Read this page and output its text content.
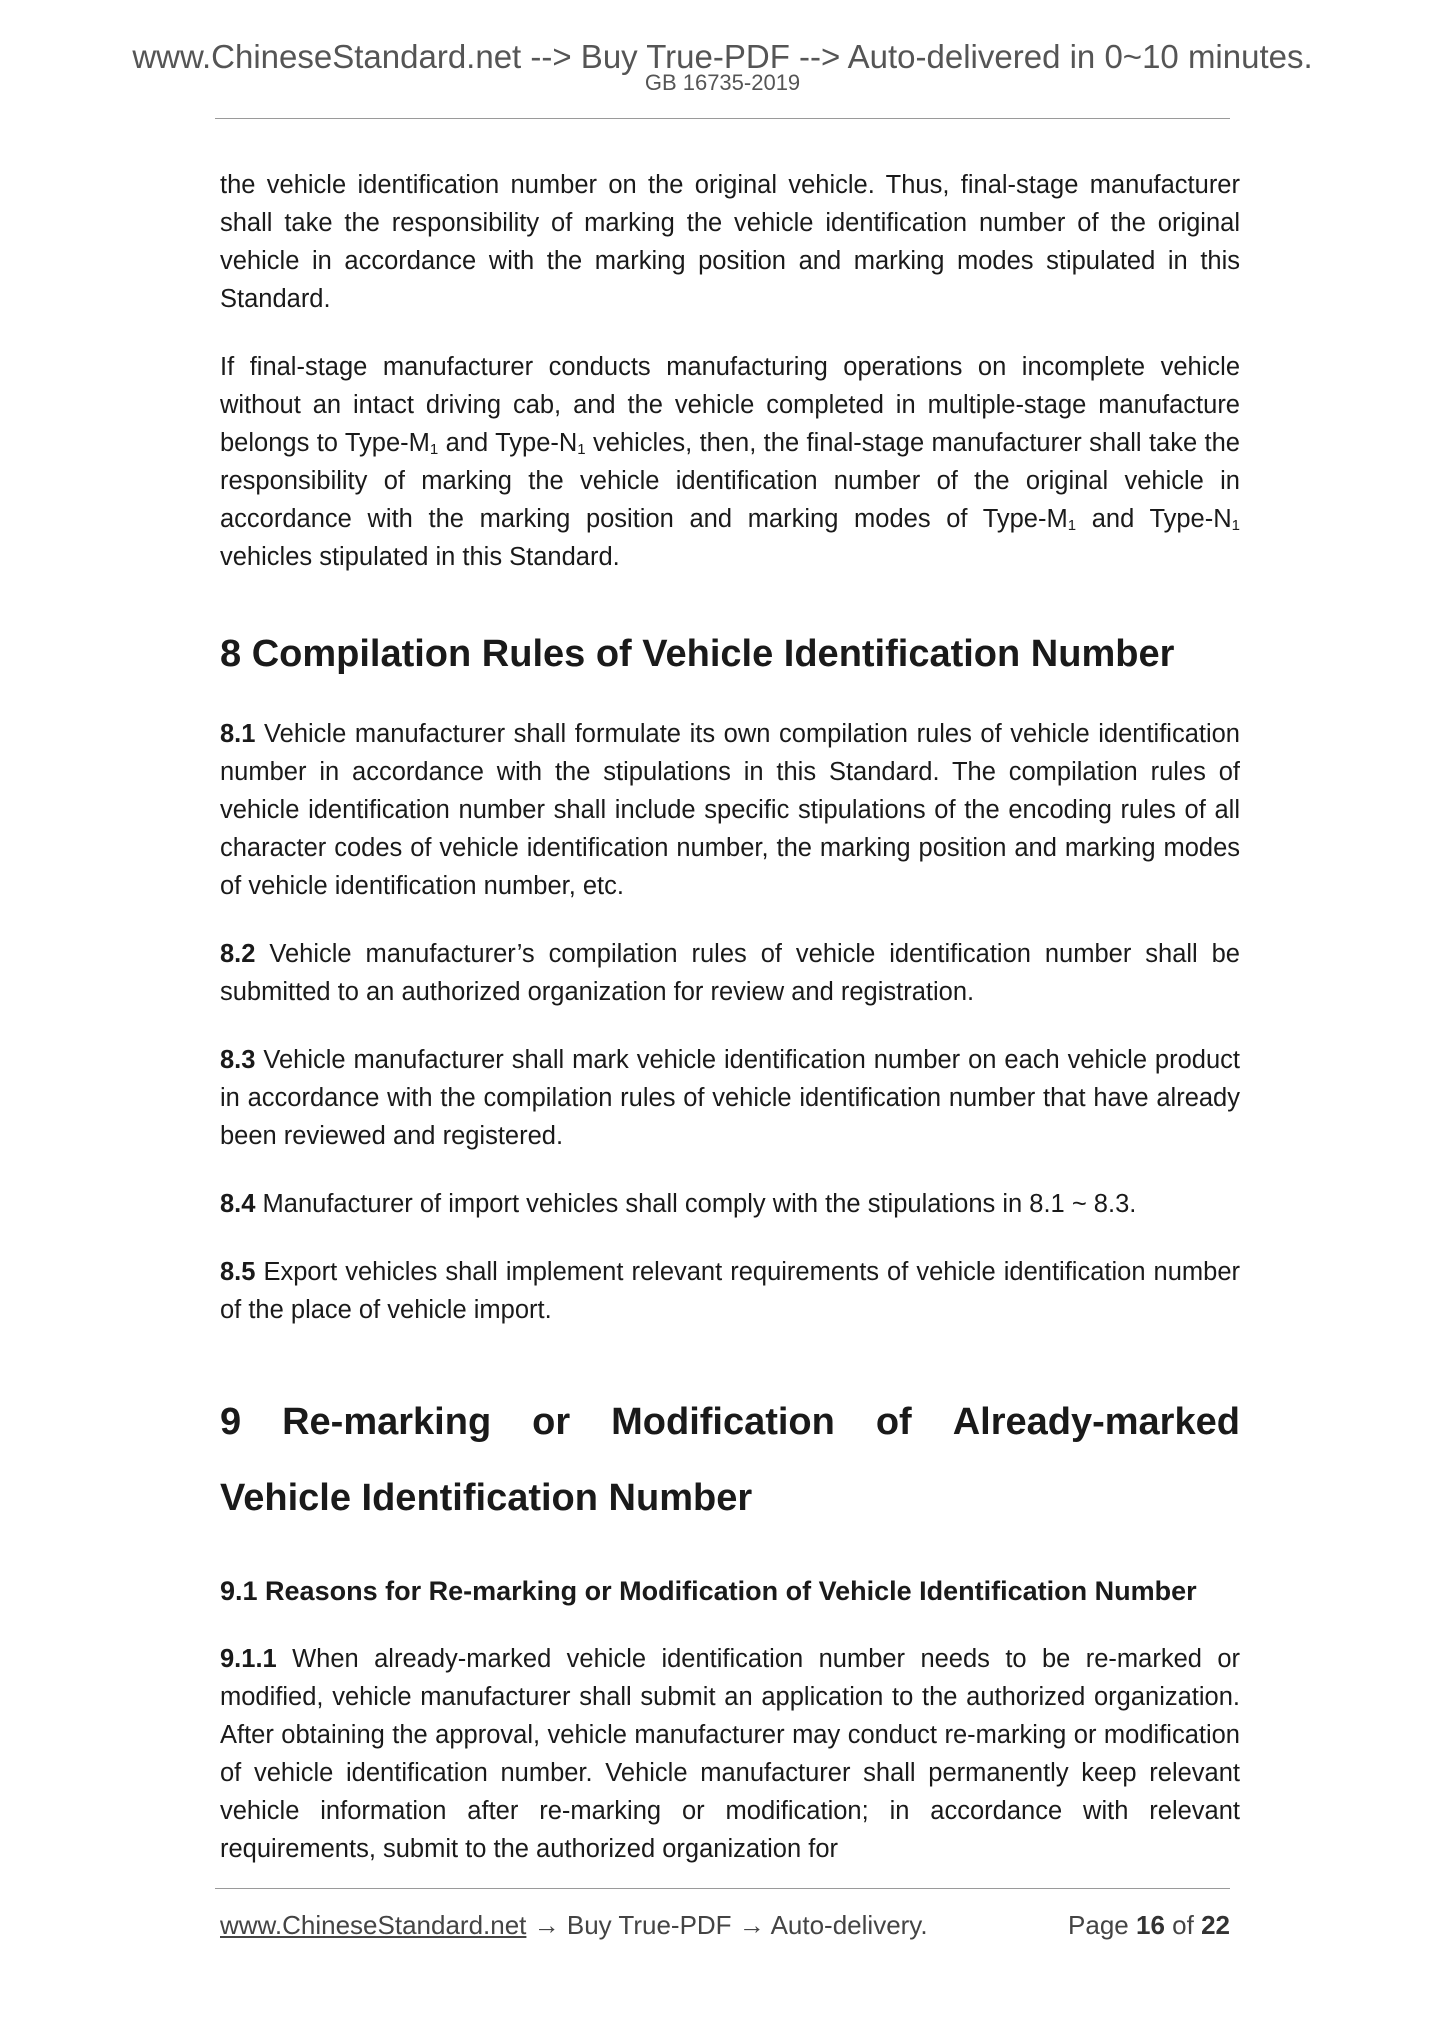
www.ChineseStandard.net --> Buy True-PDF --> Auto-delivered in 0~10 minutes.
GB 16735-2019

the vehicle identification number on the original vehicle. Thus, final-stage manufacturer shall take the responsibility of marking the vehicle identification number of the original vehicle in accordance with the marking position and marking modes stipulated in this Standard.

If final-stage manufacturer conducts manufacturing operations on incomplete vehicle without an intact driving cab, and the vehicle completed in multiple-stage manufacture belongs to Type-$M_1$ and Type-$N_1$ vehicles, then, the final-stage manufacturer shall take the responsibility of marking the vehicle identification number of the original vehicle in accordance with the marking position and marking modes of Type-$M_1$ and Type-$N_1$ vehicles stipulated in this Standard.

8 Compilation Rules of Vehicle Identification Number

8.1 Vehicle manufacturer shall formulate its own compilation rules of vehicle identification number in accordance with the stipulations in this Standard. The compilation rules of vehicle identification number shall include specific stipulations of the encoding rules of all character codes of vehicle identification number, the marking position and marking modes of vehicle identification number, etc.

8.2 Vehicle manufacturer’s compilation rules of vehicle identification number shall be submitted to an authorized organization for review and registration.

8.3 Vehicle manufacturer shall mark vehicle identification number on each vehicle product in accordance with the compilation rules of vehicle identification number that have already been reviewed and registered.

8.4 Manufacturer of import vehicles shall comply with the stipulations in 8.1 ~ 8.3.

8.5 Export vehicles shall implement relevant requirements of vehicle identification number of the place of vehicle import.

9 Re-marking or Modification of Already-marked
Vehicle Identification Number
9.1 Reasons for Re-marking or Modification of Vehicle Identification Number

9.1.1 When already-marked vehicle identification number needs to be re-marked or modified, vehicle manufacturer shall submit an application to the authorized organization. After obtaining the approval, vehicle manufacturer may conduct re-marking or modification of vehicle identification number. Vehicle manufacturer shall permanently keep relevant vehicle information after re-marking or modification; in accordance with relevant requirements, submit to the authorized organization for

www.ChineseStandard.net → Buy True-PDF → Auto-delivery.	Page 16 of 22
